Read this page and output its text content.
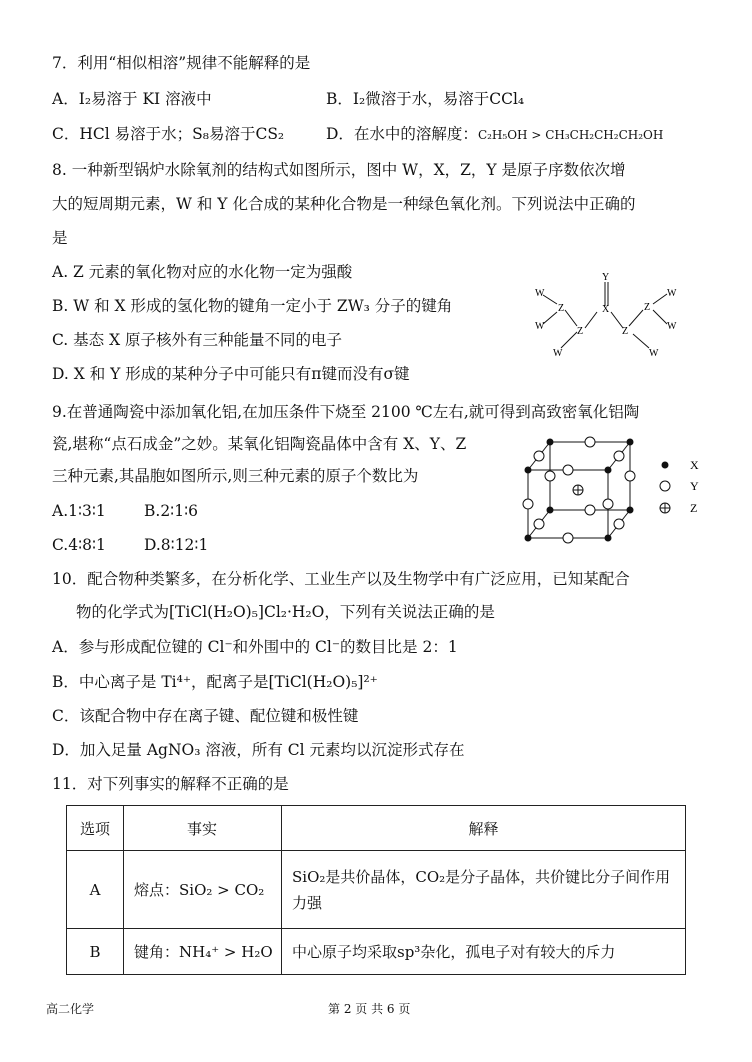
7．利用“相似相溶”规律不能解释的是
A．I₂易溶于 KI 溶液中	B．I₂微溶于水，易溶于CCl₄
C．HCl 易溶于水；S₈易溶于CS₂	D．在水中的溶解度：C₂H₅OH > CH₃CH₂CH₂CH₂OH
8. 一种新型锅炉水除氧剂的结构式如图所示，图中 W，X，Z，Y 是原子序数依次增
大的短周期元素，W 和 Y 化合成的某种化合物是一种绿色氧化剂。下列说法中正确的
是
A. Z 元素的氧化物对应的水化物一定为强酸
B. W 和 X 形成的氢化物的键角一定小于 ZW₃ 分子的键角
C. 基态 X 原子核外有三种能量不同的电子
D. X 和 Y 形成的某种分子中可能只有π键而没有σ键
W
W
Z
Z
W
Y
X
Z
Z
W
W
W
9.在普通陶瓷中添加氧化铝,在加压条件下烧至 2100 ℃左右,就可得到高致密氧化铝陶
瓷,堪称“点石成金”之妙。某氧化铝陶瓷晶体中含有 X、Y、Z
三种元素,其晶胞如图所示,则三种元素的原子个数比为
A.1∶3∶1 B.2∶1∶6
C.4∶8∶1 D.8∶12∶1
X
Y
Z
10．配合物种类繁多，在分析化学、工业生产以及生物学中有广泛应用，已知某配合
物的化学式为[TiCl(H₂O)₅]Cl₂·H₂O，下列有关说法正确的是
A．参与形成配位键的 Cl⁻和外围中的 Cl⁻的数目比是 2：1
B．中心离子是 Ti⁴⁺，配离子是[TiCl(H₂O)₅]²⁺
C．该配合物中存在离子键、配位键和极性键
D．加入足量 AgNO₃ 溶液，所有 Cl 元素均以沉淀形式存在
11．对下列事实的解释不正确的是
选项	事实	解释
A	熔点：SiO₂ > CO₂	SiO₂是共价晶体，CO₂是分子晶体，共价键比分子间作用力强
B	键角：NH₄⁺ > H₂O	中心原子均采取sp³杂化，孤电子对有较大的斥力
高二化学	第 2 页 共 6 页
